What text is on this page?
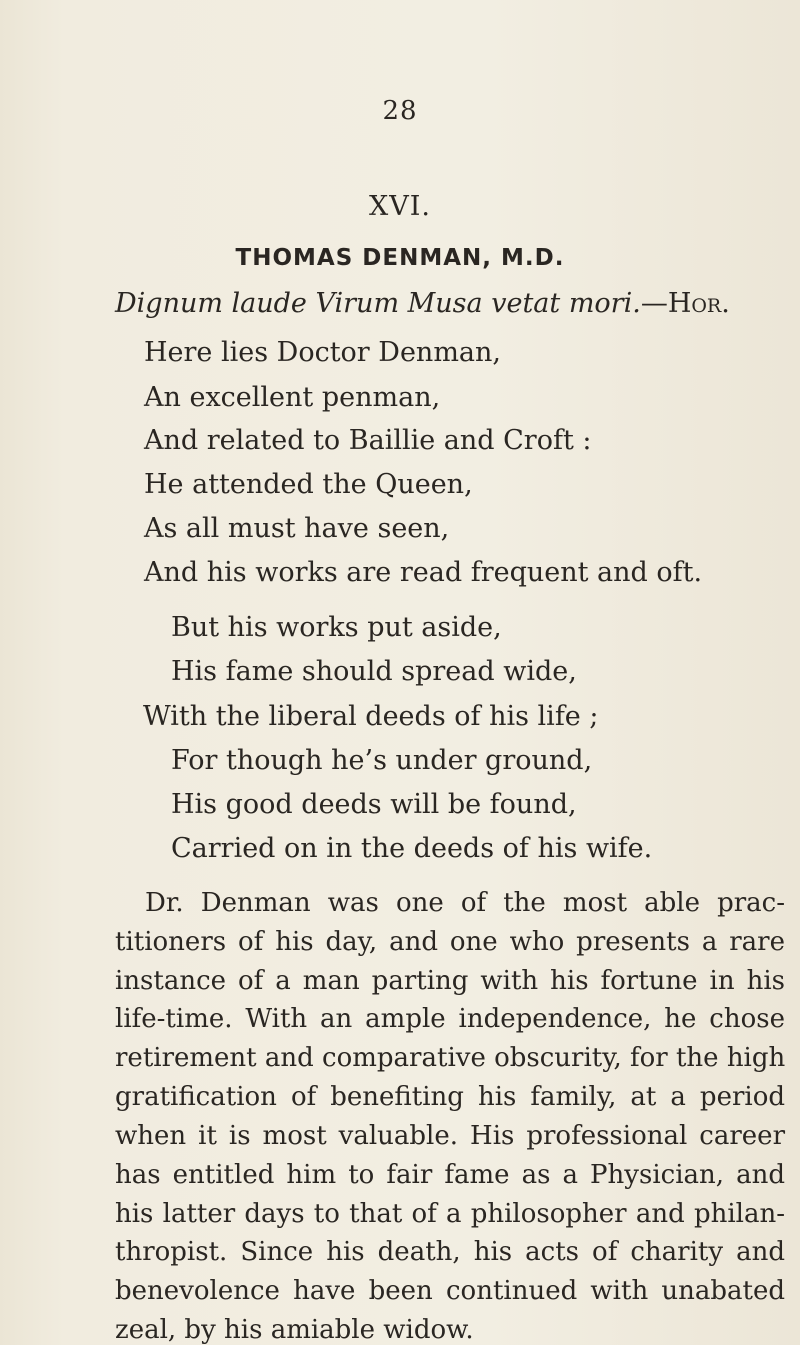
28
XVI.
THOMAS DENMAN, M.D.
Dignum laude Virum Musa vetat mori.—Hor.
Here lies Doctor Denman,
An excellent penman,
And related to Baillie and Croft :
He attended the Queen,
As all must have seen,
And his works are read frequent and oft.
But his works put aside,
His fame should spread wide,
With the liberal deeds of his life ;
For though he’s under ground,
His good deeds will be found,
Carried on in the deeds of his wife.
Dr. Denman was one of the most able prac-
titioners of his day, and one who presents a rare
instance of a man parting with his fortune in his
life-time. With an ample independence, he chose
retirement and comparative obscurity, for the high
gratification of benefiting his family, at a period
when it is most valuable. His professional career
has entitled him to fair fame as a Physician, and
his latter days to that of a philosopher and philan-
thropist. Since his death, his acts of charity and
benevolence have been continued with unabated
zeal, by his amiable widow.
